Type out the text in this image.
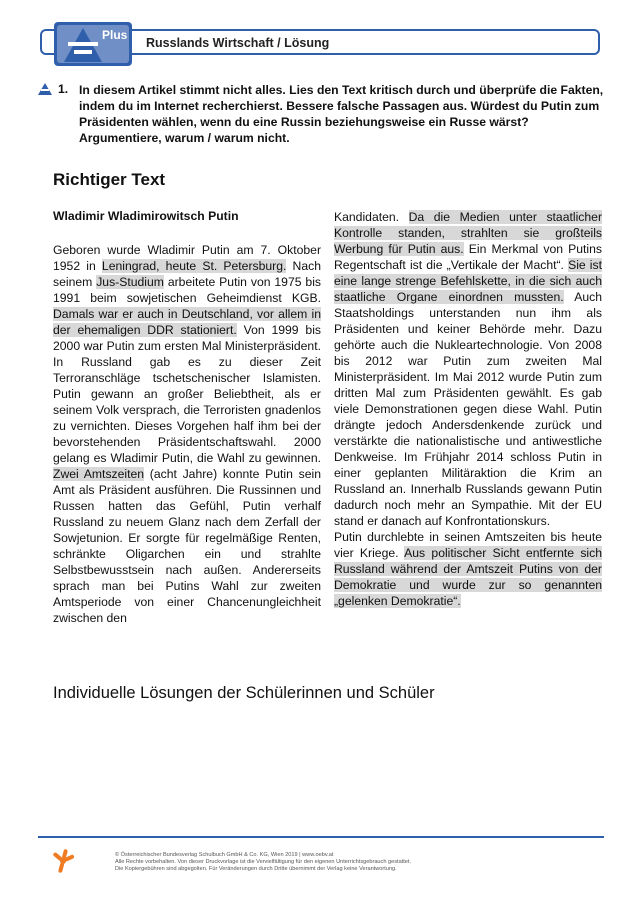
Plus
Russlands Wirtschaft / Lösung
1. In diesem Artikel stimmt nicht alles. Lies den Text kritisch durch und überprüfe die Fakten, indem du im Internet recherchierst. Bessere falsche Passagen aus. Würdest du Putin zum Präsidenten wählen, wenn du eine Russin beziehungsweise ein Russe wärst? Argumentiere, warum / warum nicht.
Richtiger Text
Wladimir Wladimirowitsch Putin

Geboren wurde Wladimir Putin am 7. Oktober 1952 in Leningrad, heute St. Petersburg. Nach seinem Jus-Studium arbeitete Putin von 1975 bis 1991 beim sowjetischen Geheimdienst KGB. Damals war er auch in Deutschland, vor allem in der ehemaligen DDR stationiert. Von 1999 bis 2000 war Putin zum ersten Mal Ministerpräsident. In Russland gab es zu dieser Zeit Terroranschläge tschetschenischer Islamisten. Putin gewann an großer Beliebtheit, als er seinem Volk versprach, die Terroristen gnadenlos zu vernichten. Dieses Vorgehen half ihm bei der bevorstehenden Präsidentschaftswahl. 2000 gelang es Wladimir Putin, die Wahl zu gewinnen. Zwei Amtszeiten (acht Jahre) konnte Putin sein Amt als Präsident ausführen. Die Russinnen und Russen hatten das Gefühl, Putin verhalf Russland zu neuem Glanz nach dem Zerfall der Sowjetunion. Er sorgte für regelmäßige Renten, schränkte Oligarchen ein und strahlte Selbstbewusstsein nach außen. Andererseits sprach man bei Putins Wahl zur zweiten Amtsperiode von einer Chancenungleichheit zwischen den

Kandidaten. Da die Medien unter staatlicher Kontrolle standen, strahlten sie großteils Werbung für Putin aus. Ein Merkmal von Putins Regentschaft ist die „Vertikale der Macht“. Sie ist eine lange strenge Befehlskette, in die sich auch staatliche Organe einordnen mussten. Auch Staatsholdings unterstanden nun ihm als Präsidenten und keiner Behörde mehr. Dazu gehörte auch die Nukleartechnologie. Von 2008 bis 2012 war Putin zum zweiten Mal Ministerpräsident. Im Mai 2012 wurde Putin zum dritten Mal zum Präsidenten gewählt. Es gab viele Demonstrationen gegen diese Wahl. Putin drängte jedoch Andersdenkende zurück und verstärkte die nationalistische und antiwestliche Denkweise. Im Frühjahr 2014 schloss Putin in einer geplanten Militäraktion die Krim an Russland an. Innerhalb Russlands gewann Putin dadurch noch mehr an Sympathie. Mit der EU stand er danach auf Konfrontationskurs.

Putin durchlebte in seinen Amtszeiten bis heute vier Kriege. Aus politischer Sicht entfernte sich Russland während der Amtszeit Putins von der Demokratie und wurde zur so genannten „gelenken Demokratie“.

Individuelle Lösungen der Schülerinnen und Schüler
© Österreichischer Bundesverlag Schulbuch GmbH & Co. KG, Wien 2019 | www.oebv.at
Alle Rechte vorbehalten. Von dieser Druckvorlage ist die Vervielfältigung für den eigenen Unterrichtsgebrauch gestattet.
Die Kopiergebühren sind abgegolten. Für Veränderungen durch Dritte übernimmt der Verlag keine Verantwortung.
